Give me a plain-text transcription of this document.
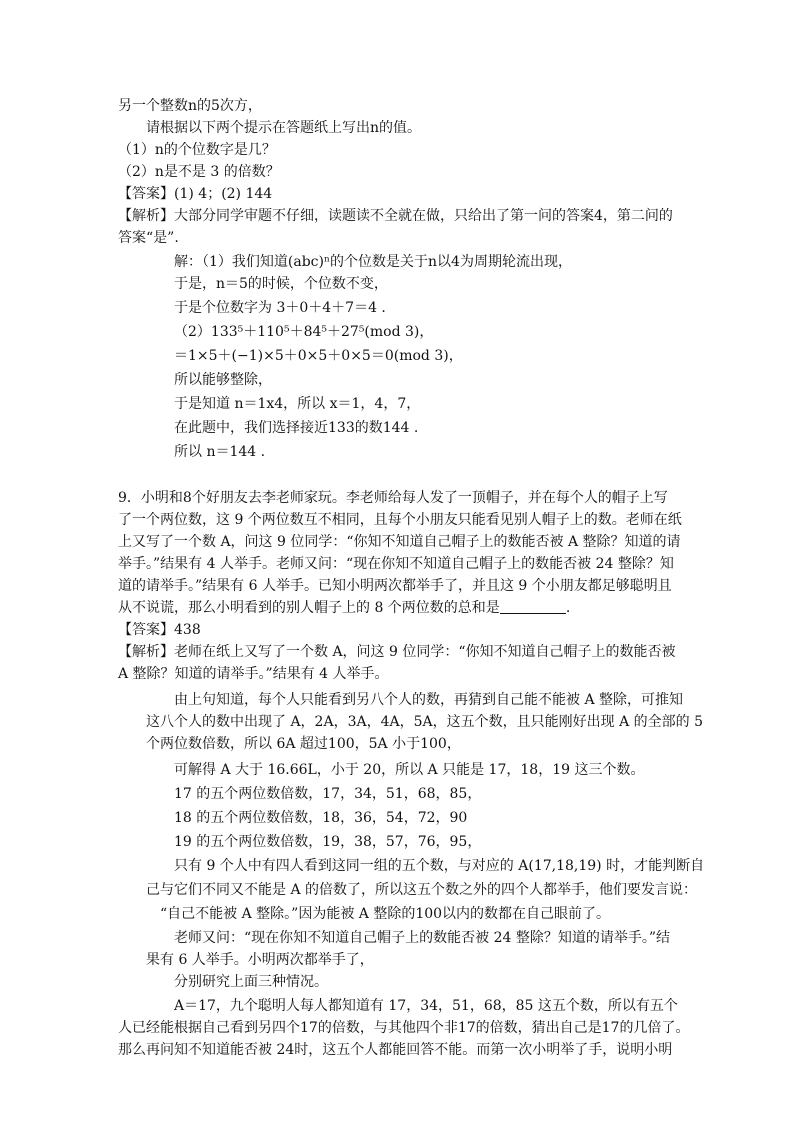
另一个整数n的5次方，
请根据以下两个提示在答题纸上写出n的值。
（1）n的个位数字是几？
（2）n是不是 3 的倍数？
【答案】(1) 4；(2) 144
【解析】大部分同学审题不仔细，读题读不全就在做，只给出了第一问的答案4，第二问的
答案“是”.
解：（1）我们知道(abc)ⁿ的个位数是关于n以4为周期轮流出现，
于是，n＝5的时候，个位数不变，
于是个位数字为 3＋0＋4＋7＝4 .
（2）133⁵＋110⁵＋84⁵＋27⁵(mod 3)，
＝1×5＋(−1)×5＋0×5＋0×5＝0(mod 3)，
所以能够整除，
于是知道 n＝1x4，所以 x＝1，4，7，
在此题中，我们选择接近133的数144 .
所以 n＝144 .
9．小明和8个好朋友去李老师家玩。李老师给每人发了一顶帽子，并在每个人的帽子上写
了一个两位数，这 9 个两位数互不相同，且每个小朋友只能看见别人帽子上的数。老师在纸
上又写了一个数 A，问这 9 位同学：“你知不知道自己帽子上的数能否被 A 整除？知道的请
举手。”结果有 4 人举手。老师又问：“现在你知不知道自己帽子上的数能否被 24 整除？知
道的请举手。”结果有 6 人举手。已知小明两次都举手了，并且这 9 个小朋友都足够聪明且
从不说谎，那么小明看到的别人帽子上的 8 个两位数的总和是	.
【答案】438
【解析】老师在纸上又写了一个数 A，问这 9 位同学：“你知不知道自己帽子上的数能否被
A 整除？知道的请举手。”结果有 4 人举手。
由上句知道，每个人只能看到另八个人的数，再猜到自己能不能被 A 整除，可推知
这八个人的数中出现了 A，2A，3A，4A，5A，这五个数，且只能刚好出现 A 的全部的 5
个两位数倍数，所以 6A 超过100，5A 小于100，
可解得 A 大于 16.66L，小于 20，所以 A 只能是 17，18，19 这三个数。
17 的五个两位数倍数，17，34，51，68，85，
18 的五个两位数倍数，18，36，54，72，90
19 的五个两位数倍数，19，38，57，76，95，
只有 9 个人中有四人看到这同一组的五个数，与对应的 A(17,18,19) 时，才能判断自
己与它们不同又不能是 A 的倍数了，所以这五个数之外的四个人都举手，他们要发言说：
“自己不能被 A 整除。”因为能被 A 整除的100以内的数都在自己眼前了。
老师又问：“现在你知不知道自己帽子上的数能否被 24 整除？知道的请举手。”结
果有 6 人举手。小明两次都举手了，
分别研究上面三种情况。
A＝17，九个聪明人每人都知道有 17，34，51，68，85 这五个数，所以有五个
人已经能根据自己看到另四个17的倍数，与其他四个非17的倍数，猜出自己是17的几倍了。
那么再问知不知道能否被 24时，这五个人都能回答不能。而第一次小明举了手，说明小明
